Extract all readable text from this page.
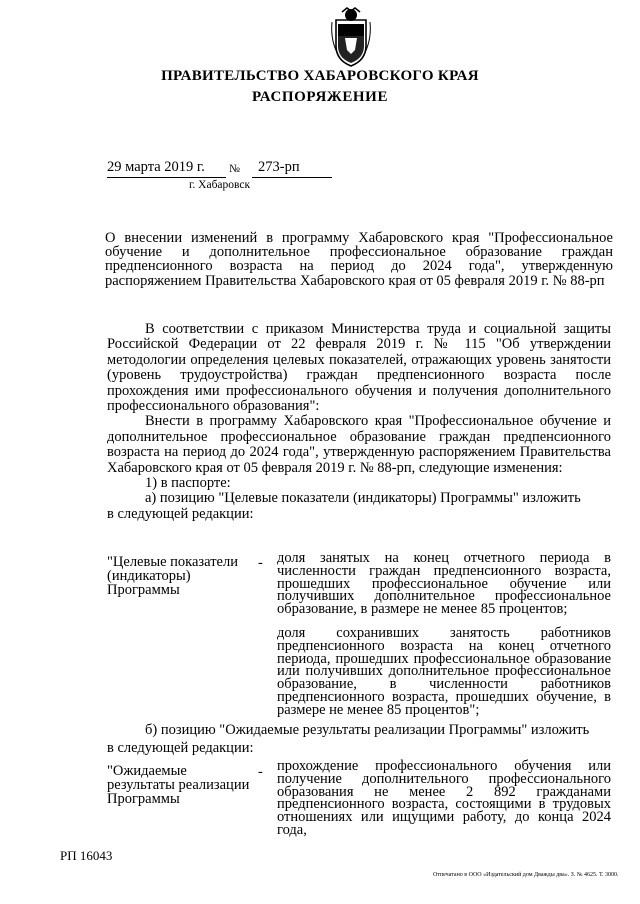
ПРАВИТЕЛЬСТВО ХАБАРОВСКОГО КРАЯ
РАСПОРЯЖЕНИЕ
29 марта 2019 г.	№	273-рп
г. Хабаровск
О внесении изменений в программу Хабаровского края "Профессиональное обучение и дополнительное профессиональное образование граждан предпенсионного возраста на период до 2024 года", утвержденную распоряжением Правительства Хабаровского края от 05 февраля 2019 г. № 88-рп

В соответствии с приказом Министерства труда и социальной защиты Российской Федерации от 22 февраля 2019 г. № 115 "Об утверждении методологии определения целевых показателей, отражающих уровень занятости (уровень трудоустройства) граждан предпенсионного возраста после прохождения ими профессионального обучения и получения дополнительного профессионального образования":

Внести в программу Хабаровского края "Профессиональное обучение и дополнительное профессиональное образование граждан предпенсионного возраста на период до 2024 года", утвержденную распоряжением Правительства Хабаровского края от 05 февраля 2019 г. № 88-рп, следующие изменения:

1) в паспорте:

а) позицию "Целевые показатели (индикаторы) Программы" изложить

в следующей редакции:

"Целевые показатели (индикаторы) Программы
- доля занятых на конец отчетного периода в численности граждан предпенсионного возраста, прошедших профессиональное обучение или получивших дополнительное профессиональное образование, в размере не менее 85 процентов;
доля сохранивших занятость работников предпенсионного возраста на конец отчетного периода, прошедших профессиональное образование или получивших дополнительное профессиональное образование, в численности работников предпенсионного возраста, прошедших обучение, в размере не менее 85 процентов";
б) позицию "Ожидаемые результаты реализации Программы" изложить
в следующей редакции:
"Ожидаемые результаты реализации Программы
- прохождение профессионального обучения или получение дополнительного профессионального образования не менее 2 892 гражданами предпенсионного возраста, состоящими в трудовых отношениях или ищущими работу, до конца 2024 года,
РП 16043
Отпечатано в ООО «Издательский дом Дважды два». З. № 4625. Т. 3000.
